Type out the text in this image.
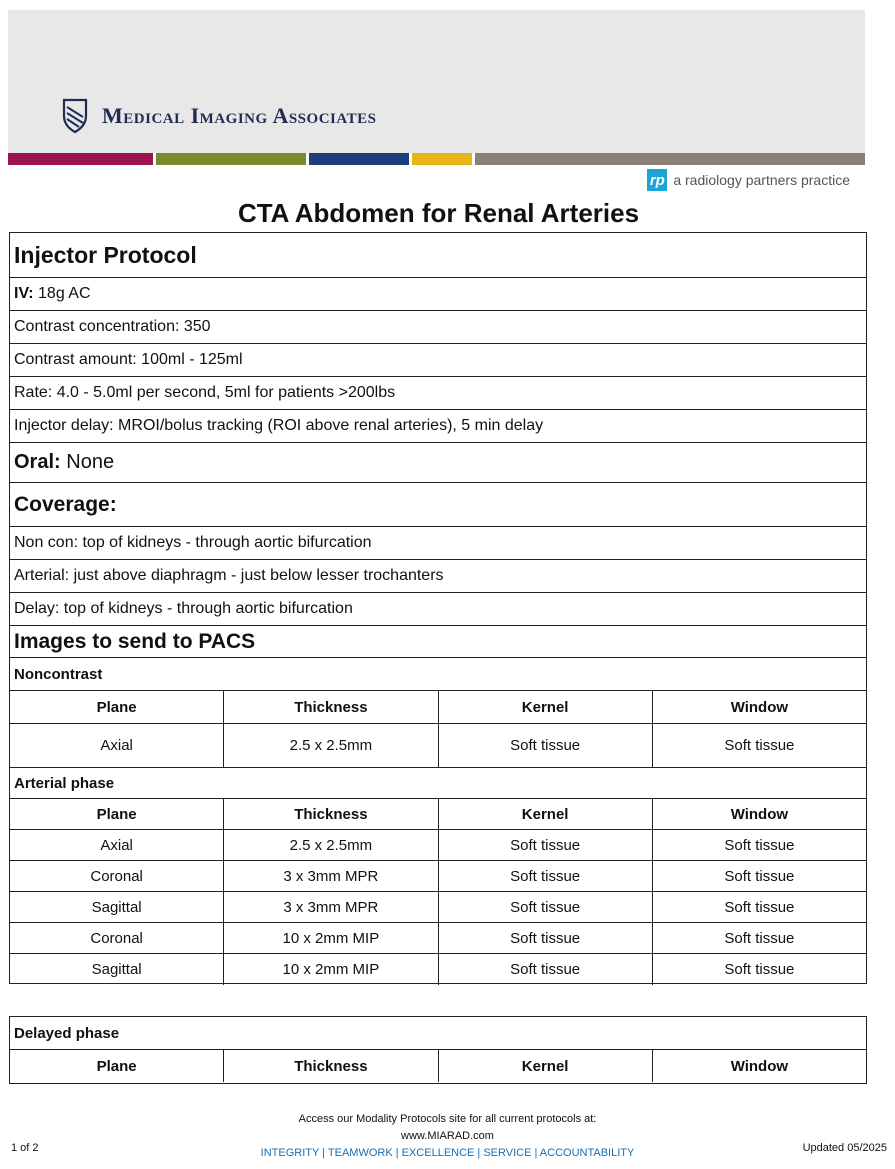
Medical Imaging Associates
rp a radiology partners practice
CTA Abdomen for Renal Arteries
Injector Protocol
IV:
18g AC
Contrast concentration: 350
Contrast amount: 100ml - 125ml
Rate: 4.0 - 5.0ml per second, 5ml for patients >200lbs
Injector delay: MROI/bolus tracking (ROI above renal arteries), 5 min delay
Oral:
None
Coverage:
Non con: top of kidneys - through aortic bifurcation
Arterial: just above diaphragm - just below lesser trochanters
Delay: top of kidneys - through aortic bifurcation
Images to send to PACS
Noncontrast
Plane	Thickness	Kernel	Window
Axial	2.5 x 2.5mm	Soft tissue	Soft tissue
Arterial phase
Plane	Thickness	Kernel	Window
Axial	2.5 x 2.5mm	Soft tissue	Soft tissue
Coronal	3 x 3mm MPR	Soft tissue	Soft tissue
Sagittal	3 x 3mm MPR	Soft tissue	Soft tissue
Coronal	10 x 2mm MIP	Soft tissue	Soft tissue
Sagittal	10 x 2mm MIP	Soft tissue	Soft tissue
Delayed phase
Plane	Thickness	Kernel	Window
Access our Modality Protocols site for all current protocols at:
www.MIARAD.com
INTEGRITY | TEAMWORK | EXCELLENCE | SERVICE | ACCOUNTABILITY
1 of 2	Updated 05/2025
